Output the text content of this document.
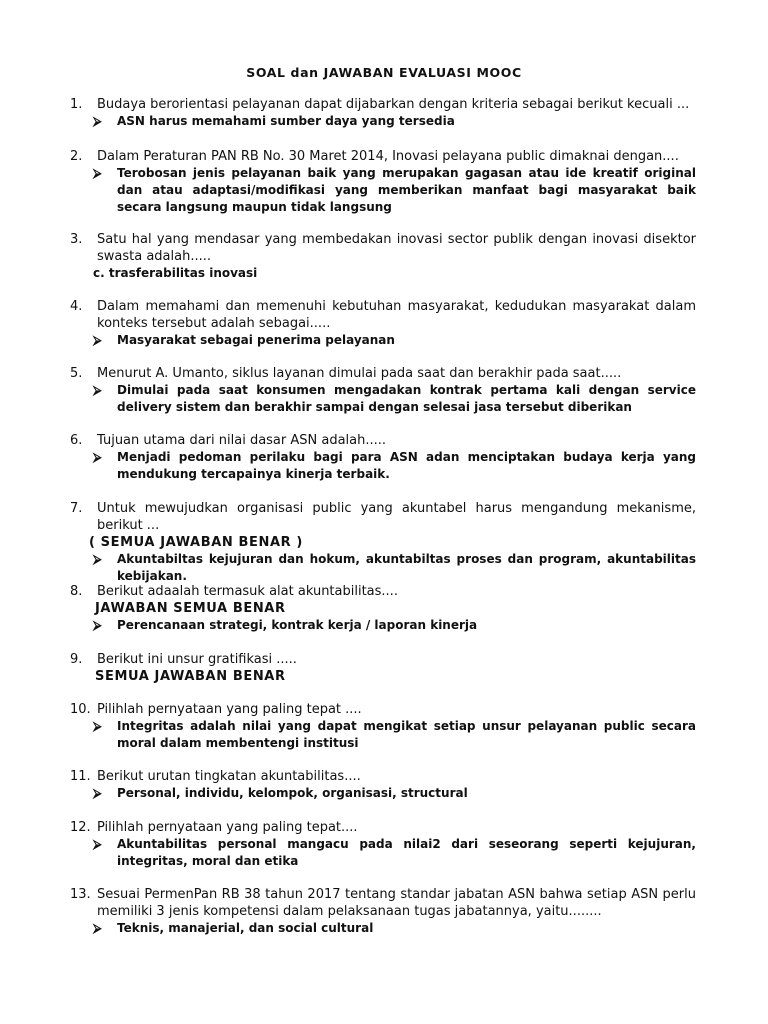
SOAL dan JAWABAN EVALUASI MOOC
1. Budaya berorientasi pelayanan dapat dijabarkan dengan kriteria sebagai berikut kecuali ...
⮚ ASN harus memahami sumber daya yang tersedia
2. Dalam Peraturan PAN RB No. 30 Maret 2014, Inovasi pelayana public dimaknai dengan....
⮚ Terobosan jenis pelayanan baik yang merupakan gagasan atau ide kreatif original dan atau adaptasi/modifikasi yang memberikan manfaat bagi masyarakat baik secara langsung maupun tidak langsung
3. Satu hal yang mendasar yang membedakan inovasi sector publik dengan inovasi disektor swasta adalah.....
c. trasferabilitas inovasi
4. Dalam memahami dan memenuhi kebutuhan masyarakat, kedudukan masyarakat dalam konteks tersebut adalah sebagai.....
⮚ Masyarakat sebagai penerima pelayanan
5. Menurut A. Umanto, siklus layanan dimulai pada saat dan berakhir pada saat.....
⮚ Dimulai pada saat konsumen mengadakan kontrak pertama kali dengan service delivery sistem dan berakhir sampai dengan selesai jasa tersebut diberikan
6. Tujuan utama dari nilai dasar ASN adalah.....
⮚ Menjadi pedoman perilaku bagi para ASN adan menciptakan budaya kerja yang mendukung tercapainya kinerja terbaik.
7. Untuk mewujudkan organisasi public yang akuntabel harus mengandung mekanisme, berikut ...
( SEMUA JAWABAN BENAR )
⮚ Akuntabiltas kejujuran dan hokum, akuntabiltas proses dan program, akuntabilitas kebijakan.
8. Berikut adaalah termasuk alat akuntabilitas....
JAWABAN SEMUA BENAR
⮚ Perencanaan strategi, kontrak kerja / laporan kinerja
9. Berikut ini unsur gratifikasi .....
SEMUA JAWABAN BENAR
10. Pilihlah pernyataan yang paling tepat ....
⮚ Integritas adalah nilai yang dapat mengikat setiap unsur pelayanan public secara moral dalam membentengi institusi
11. Berikut urutan tingkatan akuntabilitas....
⮚ Personal, individu, kelompok, organisasi, structural
12. Pilihlah pernyataan yang paling tepat....
⮚ Akuntabilitas personal mangacu pada nilai2 dari seseorang seperti kejujuran, integritas, moral dan etika
13. Sesuai PermenPan RB 38 tahun 2017 tentang standar jabatan ASN bahwa setiap ASN perlu memiliki 3 jenis kompetensi dalam pelaksanaan tugas jabatannya, yaitu........
⮚ Teknis, manajerial, dan social cultural
